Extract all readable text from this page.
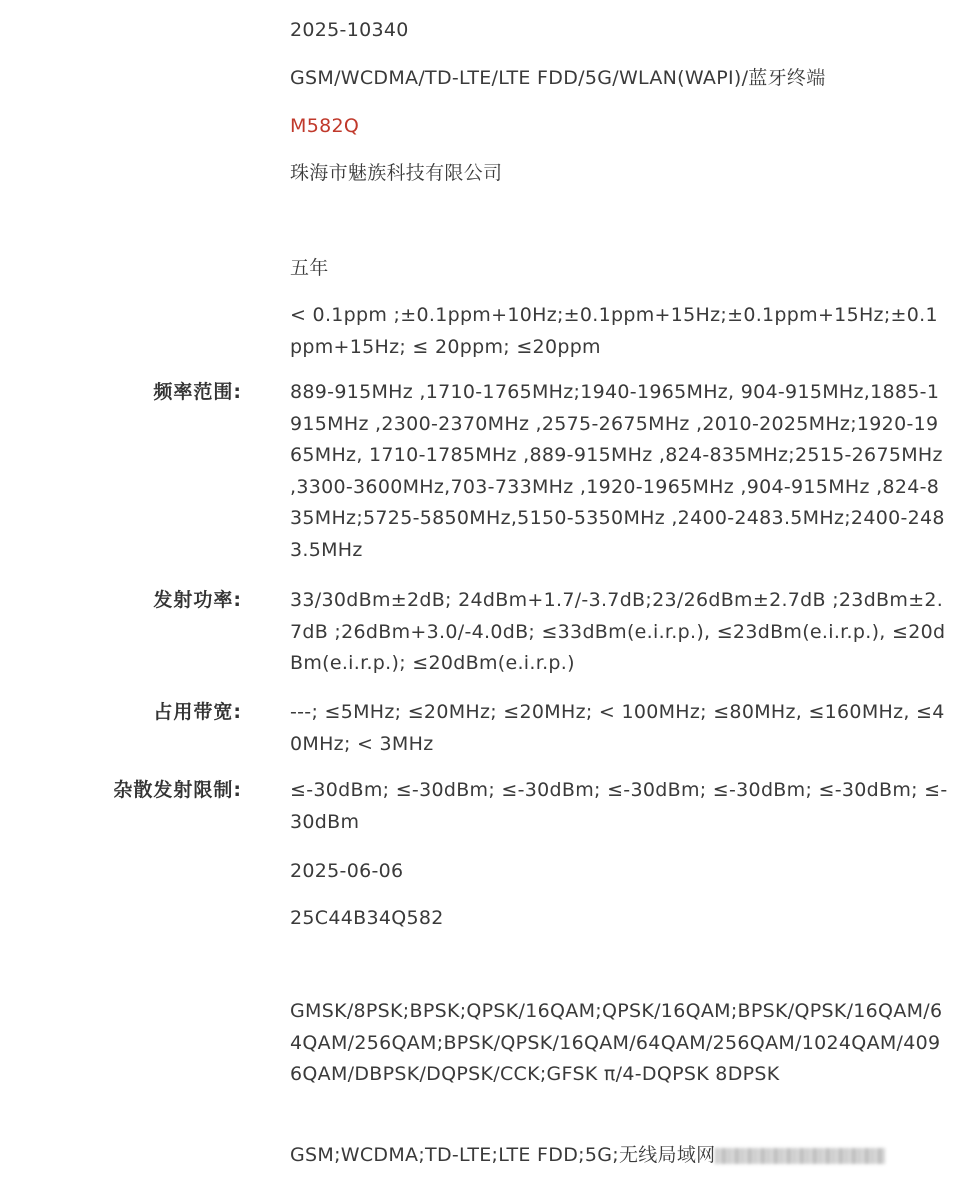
2025-10340
GSM/WCDMA/TD-LTE/LTE FDD/5G/WLAN(WAPI)/蓝牙终端
M582Q
珠海市魅族科技有限公司
五年
< 0.1ppm ;±0.1ppm+10Hz;±0.1ppm+15Hz;±0.1ppm+15Hz;±0.1ppm+15Hz; ≤ 20ppm; ≤20ppm
频率范围:	889-915MHz ,1710-1765MHz;1940-1965MHz, 904-915MHz,1885-1915MHz ,2300-2370MHz ,2575-2675MHz ,2010-2025MHz;1920-1965MHz, 1710-1785MHz ,889-915MHz ,824-835MHz;2515-2675MHz ,3300-3600MHz,703-733MHz ,1920-1965MHz ,904-915MHz ,824-835MHz;5725-5850MHz,5150-5350MHz ,2400-2483.5MHz;2400-2483.5MHz
发射功率:	33/30dBm±2dB; 24dBm+1.7/-3.7dB;23/26dBm±2.7dB ;23dBm±2.7dB ;26dBm+3.0/-4.0dB; ≤33dBm(e.i.r.p.), ≤23dBm(e.i.r.p.), ≤20dBm(e.i.r.p.); ≤20dBm(e.i.r.p.)
占用带宽:	---; ≤5MHz; ≤20MHz; ≤20MHz; < 100MHz; ≤80MHz, ≤160MHz, ≤40MHz; < 3MHz
杂散发射限制:	≤-30dBm; ≤-30dBm; ≤-30dBm; ≤-30dBm; ≤-30dBm; ≤-30dBm; ≤-30dBm
2025-06-06
25C44B34Q582
GMSK/8PSK;BPSK;QPSK/16QAM;QPSK/16QAM;BPSK/QPSK/16QAM/64QAM/256QAM;BPSK/QPSK/16QAM/64QAM/256QAM/1024QAM/4096QAM/DBPSK/DQPSK/CCK;GFSK π/4-DQPSK 8DPSK
GSM;WCDMA;TD-LTE;LTE FDD;5G;无线局域网
